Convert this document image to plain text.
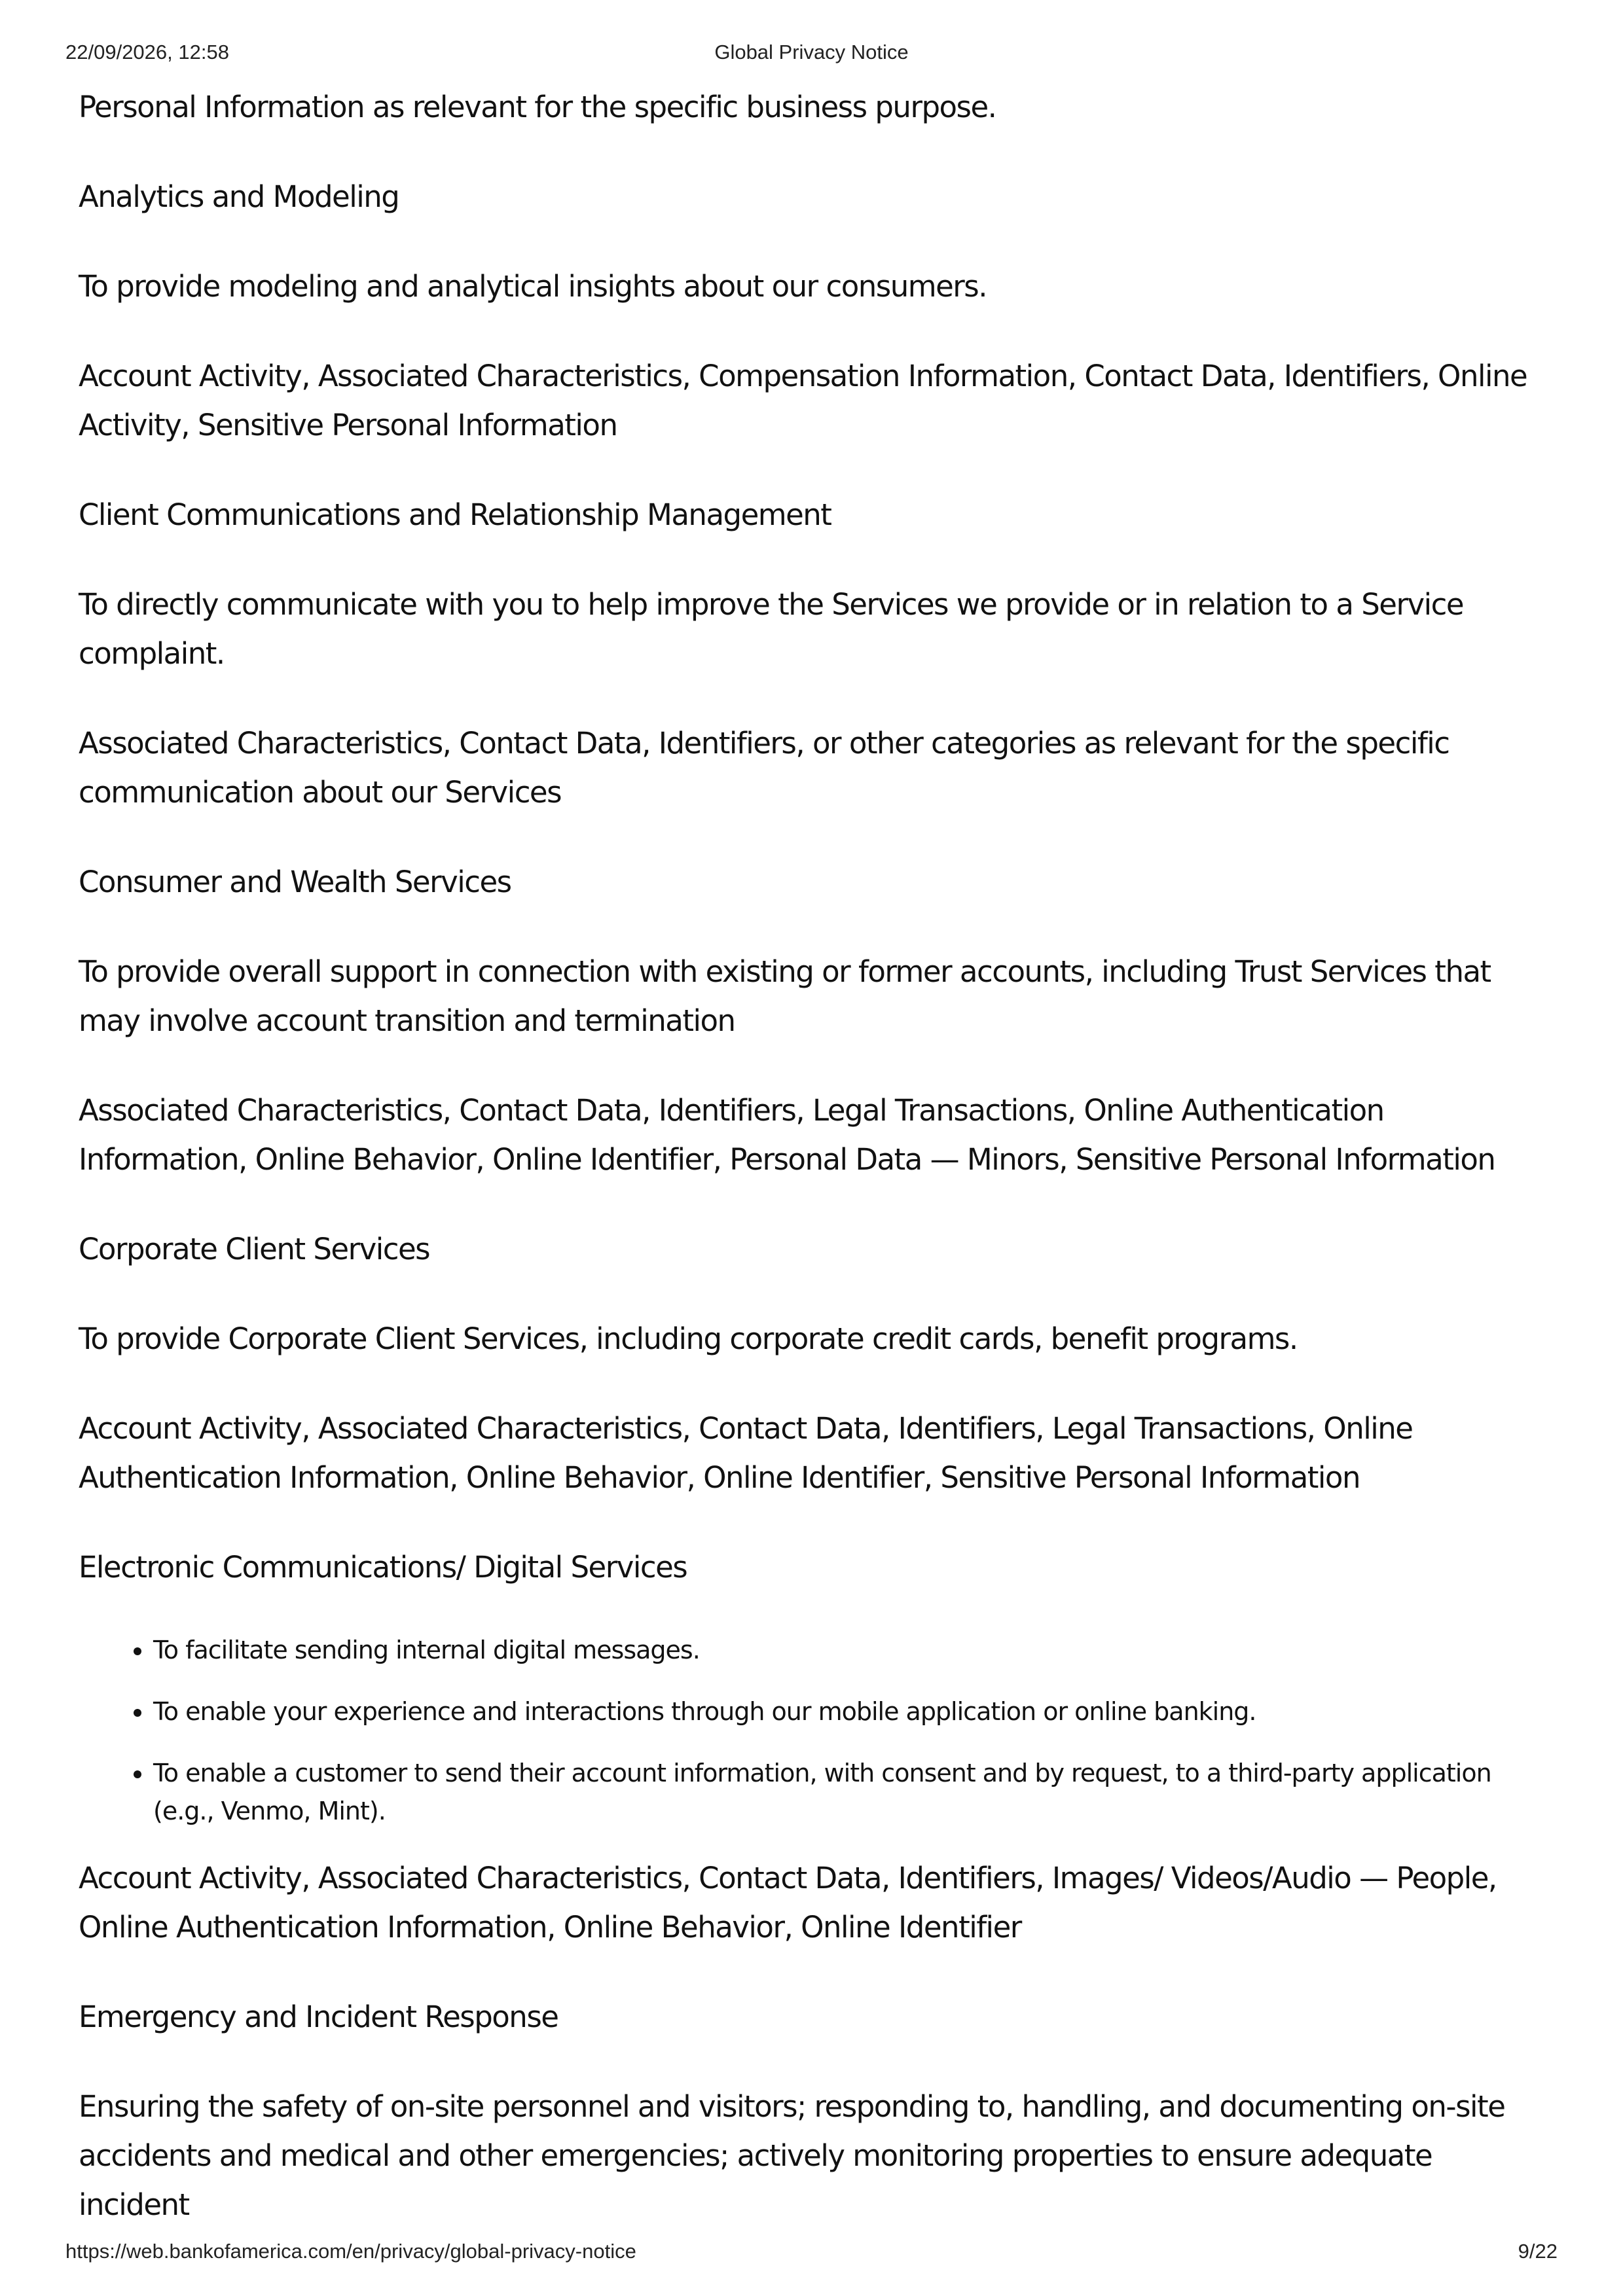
22/09/2026, 12:58	Global Privacy Notice

Personal Information as relevant for the specific business purpose.

Analytics and Modeling

To provide modeling and analytical insights about our consumers.

Account Activity, Associated Characteristics, Compensation Information, Contact Data, Identifiers, Online Activity, Sensitive Personal Information

Client Communications and Relationship Management

To directly communicate with you to help improve the Services we provide or in relation to a Service complaint.

Associated Characteristics, Contact Data, Identifiers, or other categories as relevant for the specific communication about our Services

Consumer and Wealth Services

To provide overall support in connection with existing or former accounts, including Trust Services that may involve account transition and termination

Associated Characteristics, Contact Data, Identifiers, Legal Transactions, Online Authentication Information, Online Behavior, Online Identifier, Personal Data — Minors, Sensitive Personal Information

Corporate Client Services

To provide Corporate Client Services, including corporate credit cards, benefit programs.

Account Activity, Associated Characteristics, Contact Data, Identifiers, Legal Transactions, Online Authentication Information, Online Behavior, Online Identifier, Sensitive Personal Information

Electronic Communications/ Digital Services

• To facilitate sending internal digital messages.
• To enable your experience and interactions through our mobile application or online banking.
• To enable a customer to send their account information, with consent and by request, to a third-party application (e.g., Venmo, Mint).

Account Activity, Associated Characteristics, Contact Data, Identifiers, Images/ Videos/Audio — People, Online Authentication Information, Online Behavior, Online Identifier

Emergency and Incident Response

Ensuring the safety of on-site personnel and visitors; responding to, handling, and documenting on-site accidents and medical and other emergencies; actively monitoring properties to ensure adequate incident

https://web.bankofamerica.com/en/privacy/global-privacy-notice	9/22
